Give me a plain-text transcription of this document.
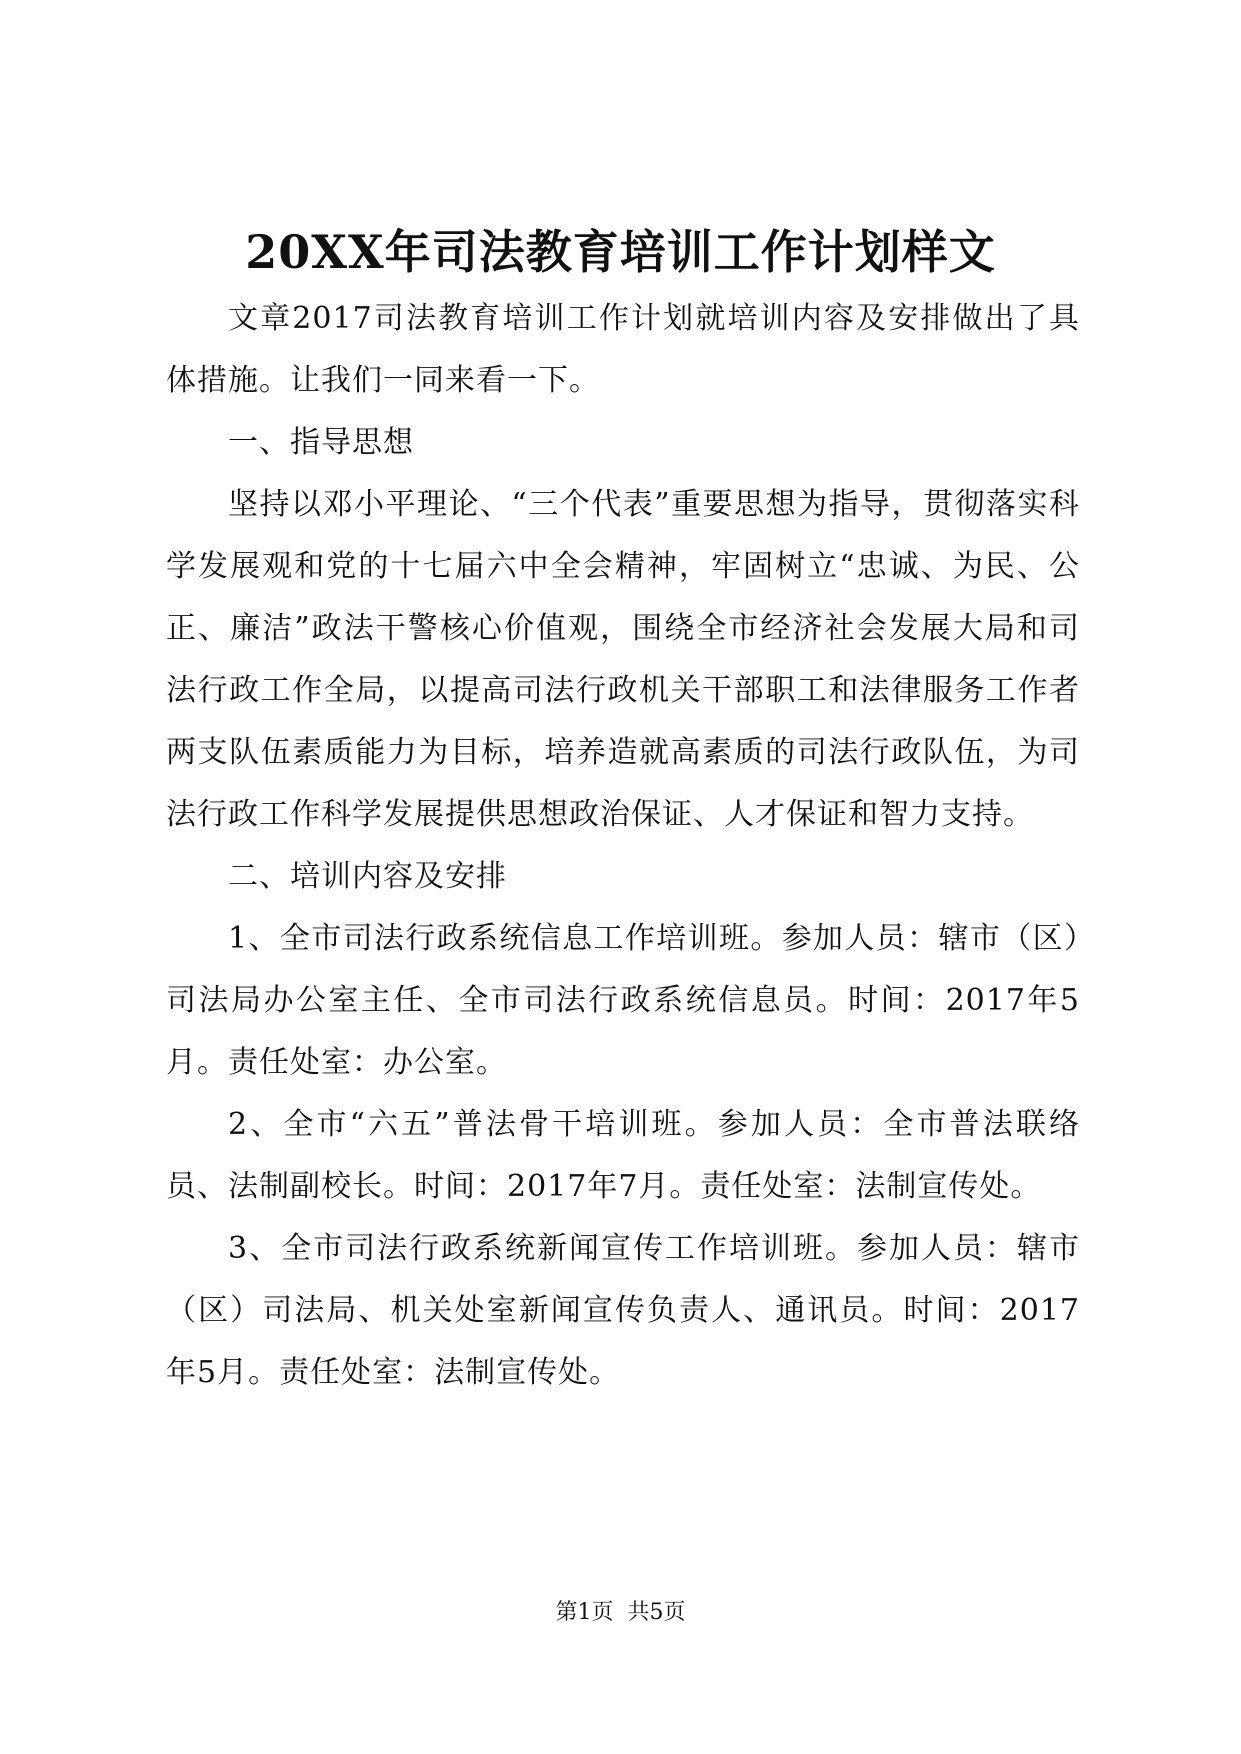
20XX年司法教育培训工作计划样文

文章2017司法教育培训工作计划就培训内容及安排做出了具体措施。让我们一同来看一下。

一、指导思想

坚持以邓小平理论、“三个代表”重要思想为指导，贯彻落实科学发展观和党的十七届六中全会精神，牢固树立“忠诚、为民、公正、廉洁”政法干警核心价值观，围绕全市经济社会发展大局和司法行政工作全局，以提高司法行政机关干部职工和法律服务工作者两支队伍素质能力为目标，培养造就高素质的司法行政队伍，为司法行政工作科学发展提供思想政治保证、人才保证和智力支持。

二、培训内容及安排

1、全市司法行政系统信息工作培训班。参加人员：辖市（区）司法局办公室主任、全市司法行政系统信息员。时间：2017年5月。责任处室：办公室。

2、全市“六五”普法骨干培训班。参加人员：全市普法联络员、法制副校长。时间：2017年7月。责任处室：法制宣传处。

3、全市司法行政系统新闻宣传工作培训班。参加人员：辖市（区）司法局、机关处室新闻宣传负责人、通讯员。时间：2017年5月。责任处室：法制宣传处。

第1页 共5页
